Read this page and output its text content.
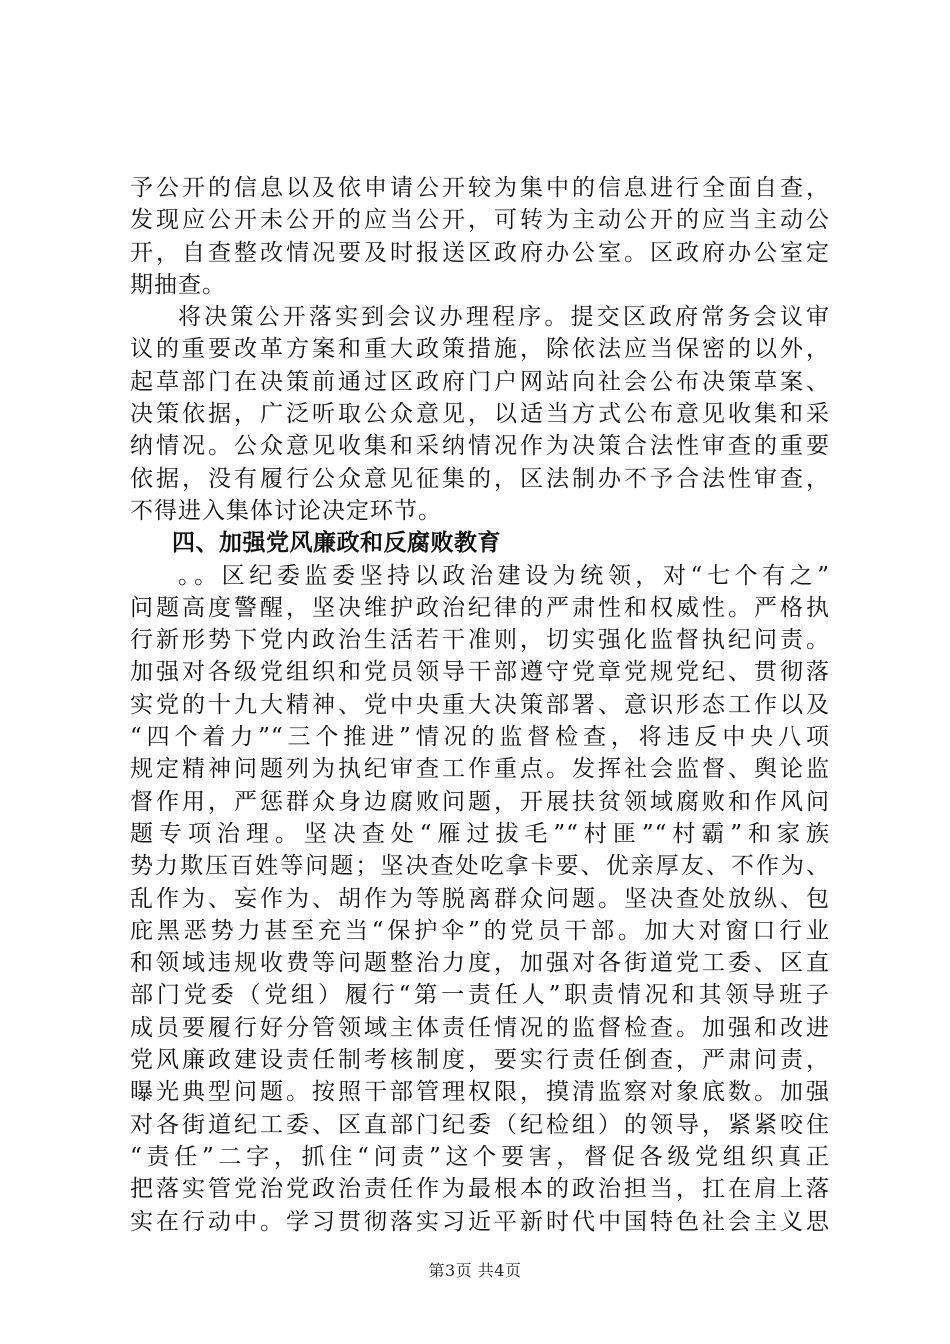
予公开的信息以及依申请公开较为集中的信息进行全面自查，
发现应公开未公开的应当公开，可转为主动公开的应当主动公
开，自查整改情况要及时报送区政府办公室。区政府办公室定
期抽查。
将决策公开落实到会议办理程序。提交区政府常务会议审
议的重要改革方案和重大政策措施，除依法应当保密的以外，
起草部门在决策前通过区政府门户网站向社会公布决策草案、
决策依据，广泛听取公众意见，以适当方式公布意见收集和采
纳情况。公众意见收集和采纳情况作为决策合法性审查的重要
依据，没有履行公众意见征集的，区法制办不予合法性审查，
不得进入集体讨论决定环节。
四、加强党风廉政和反腐败教育
。。区纪委监委坚持以政治建设为统领，对“七个有之”
问题高度警醒，坚决维护政治纪律的严肃性和权威性。严格执
行新形势下党内政治生活若干准则，切实强化监督执纪问责。
加强对各级党组织和党员领导干部遵守党章党规党纪、贯彻落
实党的十九大精神、党中央重大决策部署、意识形态工作以及
“四个着力”“三个推进”情况的监督检查，将违反中央八项
规定精神问题列为执纪审查工作重点。发挥社会监督、舆论监
督作用，严惩群众身边腐败问题，开展扶贫领域腐败和作风问
题专项治理。坚决查处“雁过拔毛”“村匪”“村霸”和家族
势力欺压百姓等问题；坚决查处吃拿卡要、优亲厚友、不作为、
乱作为、妄作为、胡作为等脱离群众问题。坚决查处放纵、包
庇黑恶势力甚至充当“保护伞”的党员干部。加大对窗口行业
和领域违规收费等问题整治力度，加强对各街道党工委、区直
部门党委（党组）履行“第一责任人”职责情况和其领导班子
成员要履行好分管领域主体责任情况的监督检查。加强和改进
党风廉政建设责任制考核制度，要实行责任倒查，严肃问责，
曝光典型问题。按照干部管理权限，摸清监察对象底数。加强
对各街道纪工委、区直部门纪委（纪检组）的领导，紧紧咬住
“责任”二字，抓住“问责”这个要害，督促各级党组织真正
把落实管党治党政治责任作为最根本的政治担当，扛在肩上落
实在行动中。学习贯彻落实习近平新时代中国特色社会主义思
第3页 共4页
